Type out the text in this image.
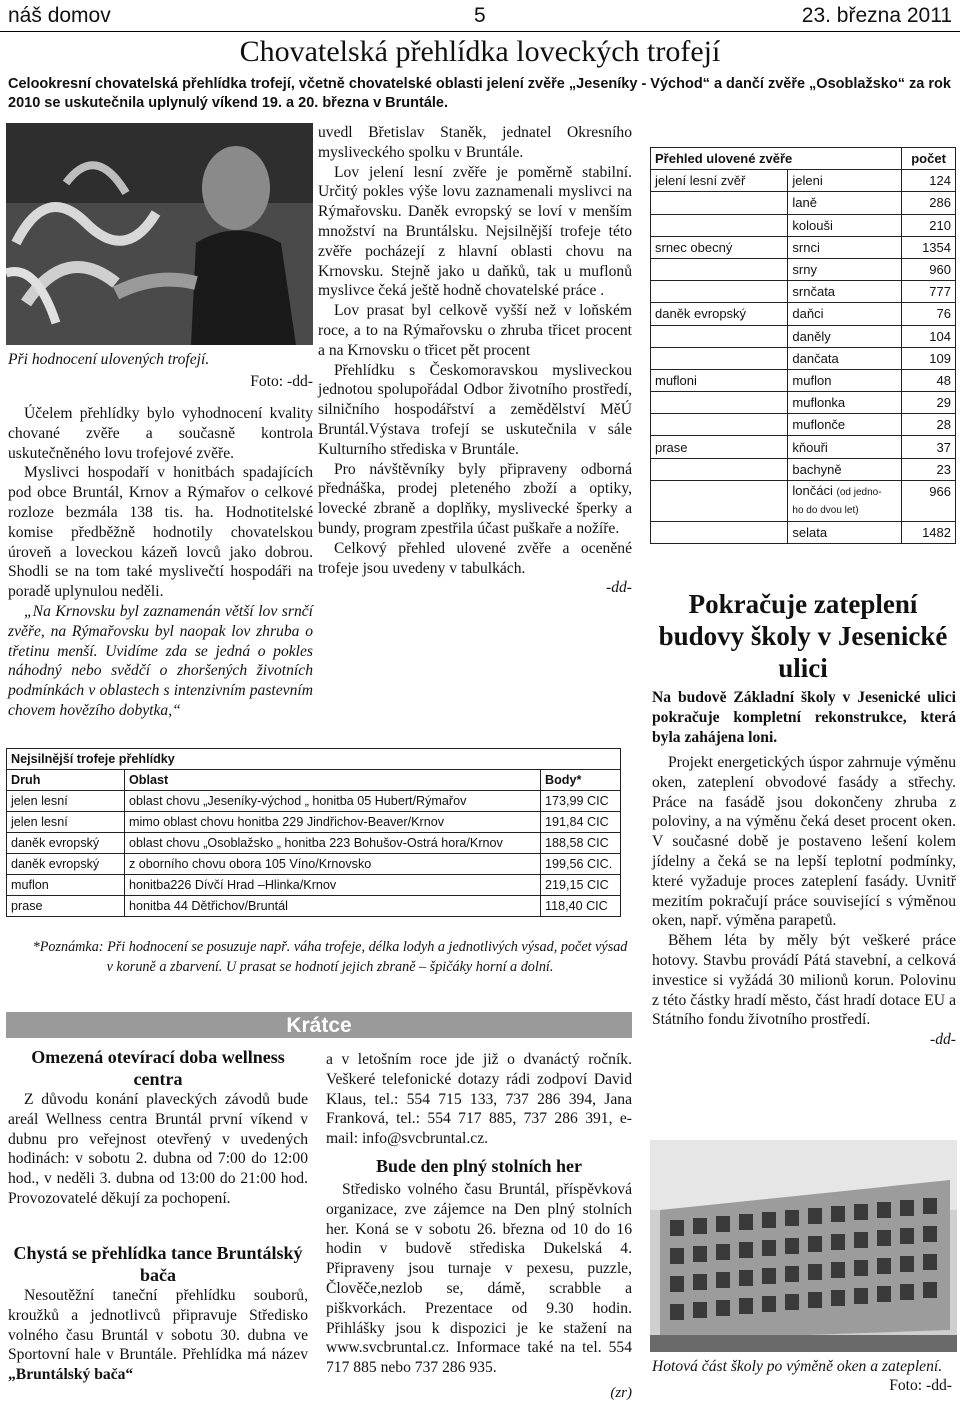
náš domov	5	23. března 2011
Chovatelská přehlídka loveckých trofejí
Celookresní chovatelská přehlídka trofejí, včetně chovatelské oblasti jelení zvěře „Jeseníky - Východ“ a dančí zvěře „Osoblažsko“ za rok 2010 se uskutečnila uplynulý víkend 19. a 20. března v Bruntále.
Při hodnocení ulovených trofejí.
Foto: -dd-

Účelem přehlídky bylo vyhodnocení kvality chované zvěře a současně kontrola uskutečněného lovu trofejové zvěře.

Myslivci hospodaří v honitbách spadajících pod obce Bruntál, Krnov a Rýmařov o celkové rozloze bezmála 138 tis. ha. Hodnotitelské komise předběžně hodnotily chovatelskou úroveň a loveckou kázeň lovců jako dobrou. Shodli se na tom také myslivečtí hospodáři na poradě uplynulou neděli.

„Na Krnovsku byl zaznamenán větší lov srnčí zvěře, na Rýmařovsku byl naopak lov zhruba o třetinu menší. Uvidíme zda se jedná o pokles náhodný nebo svědčí o zhoršených životních podmínkách v oblastech s intenzivním pastevním chovem hovězího dobytka,“

uvedl Břetislav Staněk, jednatel Okresního mysliveckého spolku v Bruntále.

Lov jelení lesní zvěře je poměrně stabilní. Určitý pokles výše lovu zaznamenali myslivci na Rýmařovsku. Daněk evropský se loví v menším množství na Bruntálsku. Nejsilnější trofeje této zvěře pocházejí z hlavní oblasti chovu na Krnovsku. Stejně jako u daňků, tak u muflonů myslivce čeká ještě hodně chovatelské práce .

Lov prasat byl celkově vyšší než v loňském roce, a to na Rýmařovsku o zhruba třicet procent a na Krnovsku o třicet pět procent

Přehlídku s Českomoravskou mysliveckou jednotou spolupořádal Odbor životního prostředí, silničního hospodářství a zemědělství MěÚ Bruntál.Výstava trofejí se uskutečnila v sále Kulturního střediska v Bruntále.

Pro návštěvníky byly připraveny odborná přednáška, prodej pleteného zboží a optiky, lovecké zbraně a doplňky, myslivecké šperky a bundy, program zpestřila účast puškaře a nožíře.

Celkový přehled ulovené zvěře a oceněné trofeje jsou uvedeny v tabulkách.

-dd-

Přehled ulovené zvěře		počet
jelení lesní zvěř	jeleni	124
	laně	286
	kolouši	210
srnec obecný	srnci	1354
	srny	960
	srnčata	777
daněk evropský	daňci	76
	daněly	104
	dančata	109
mufloni	muflon	48
	muflonka	29
	muflonče	28
prase	kňouři	37
	bachyně	23
	lončáci (od jedno-
ho do dvou let)	966
	selata	1482
Nejsilnější trofeje přehlídky		
Druh	Oblast	Body*
jelen lesní	oblast chovu „Jeseníky-východ „ honitba 05 Hubert/Rýmařov	173,99 CIC
jelen lesní	mimo oblast chovu honitba 229 Jindřichov-Beaver/Krnov	191,84 CIC
daněk evropský	oblast chovu „Osoblažsko „ honitba 223 Bohušov-Ostrá hora/Krnov	188,58 CIC
daněk evropský	z oborního chovu obora 105 Víno/Krnovsko	199,56 CIC.
muflon	honitba226 Dívčí Hrad –Hlinka/Krnov	219,15 CIC
prase	honitba 44 Dětřichov/Bruntál	118,40 CIC
*Poznámka: Při hodnocení se posuzuje např. váha trofeje, délka lodyh a jednotlivých výsad, počet výsad v koruně a zbarvení. U prasat se hodnotí jejich zbraně – špičáky horní a dolní.
Pokračuje zateplení budovy školy v Jesenické ulici
Na budově Základní školy v Jesenické ulici pokračuje kompletní rekonstrukce, která byla zahájena loni.

Projekt energetických úspor zahrnuje výměnu oken, zateplení obvodové fasády a střechy. Práce na fasádě jsou dokončeny zhruba z poloviny, a na výměnu čeká deset procent oken. V současné době je postaveno lešení kolem jídelny a čeká se na lepší teplotní podmínky, které vyžaduje proces zateplení fasády. Uvnitř mezitím pokračují práce související s výměnou oken, např. výměna parapetů.

Během léta by měly být veškeré práce hotovy. Stavbu provádí Pátá stavební, a celková investice si vyžádá 30 milionů korun. Polovinu z této částky hradí město, část hradí dotace EU a Státního fondu životního prostředí.

-dd-

Hotová část školy po výměně oken a zateplení.
Foto: -dd-
Krátce
Omezená otevírací doba wellness centra

Z důvodu konání plaveckých závodů bude areál Wellness centra Bruntál první víkend v dubnu pro veřejnost otevřený v uvedených hodinách: v sobotu 2. dubna od 7:00 do 12:00 hod., v neděli 3. dubna od 13:00 do 21:00 hod. Provozovatelé děkují za pochopení.

Chystá se přehlídka tance Bruntálský bača

Nesoutěžní taneční přehlídku souborů, kroužků a jednotlivců připravuje Středisko volného času Bruntál v sobotu 30. dubna ve Sportovní hale v Bruntále. Přehlídka má název „Bruntálský bača“

a v letošním roce jde již o dvanáctý ročník. Veškeré telefonické dotazy rádi zodpoví David Klaus, tel.: 554 715 133, 737 286 394, Jana Franková, tel.: 554 717 885, 737 286 391, e-mail: info@svcbruntal.cz.

Bude den plný stolních her

Středisko volného času Bruntál, příspěvková organizace, zve zájemce na Den plný stolních her. Koná se v sobotu 26. března od 10 do 16 hodin v budově střediska Dukelská 4. Připraveny jsou turnaje v pexesu, puzzle, Člověče,nezlob se, dámě, scrabble a piškvorkách. Prezentace od 9.30 hodin. Přihlášky jsou k dispozici je ke stažení na www.svcbruntal.cz. Informace také na tel. 554 717 885 nebo 737 286 935.

(zr)
